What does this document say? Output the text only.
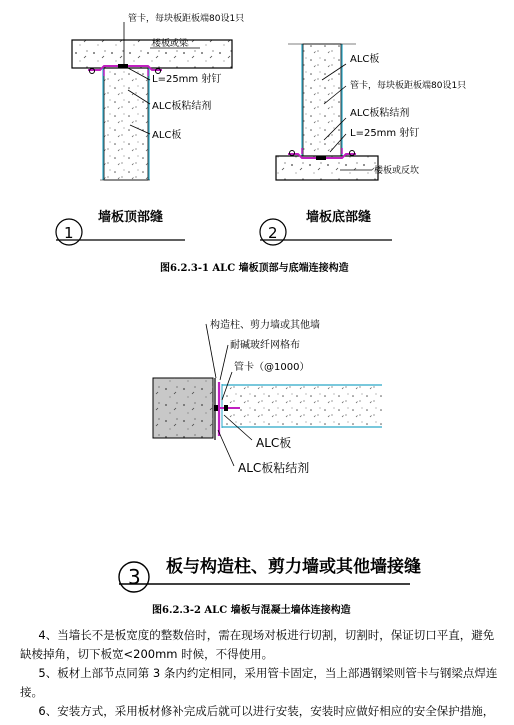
管卡，每块板距板端80设1只
楼板或梁
L=25mm 射钉
ALC板粘结剂
ALC板
1
墙板顶部缝
ALC板
管卡，每块板距板端80设1只
ALC板粘结剂
L=25mm 射钉
楼板或反坎
2
墙板底部缝
图6.2.3-1 ALC 墙板顶部与底端连接构造
构造柱、剪力墙或其他墙
耐碱玻纤网格布
管卡（@1000）
ALC板
ALC板粘结剂
3 板与构造柱、剪力墙或其他墙接缝
图6.2.3-2 ALC 墙板与混凝土墙体连接构造

4、当墙长不是板宽度的整数倍时，需在现场对板进行切割，切割时，保证切口平直，避免缺棱掉角，切下板宽<200mm 时候，不得使用。

5、板材上部节点同第 3 条内约定相同，采用管卡固定，当上部遇钢梁则管卡与钢梁点焊连接。

6、安装方式，采用板材修补完成后就可以进行安装，安装时应做好相应的安全保护措施，
